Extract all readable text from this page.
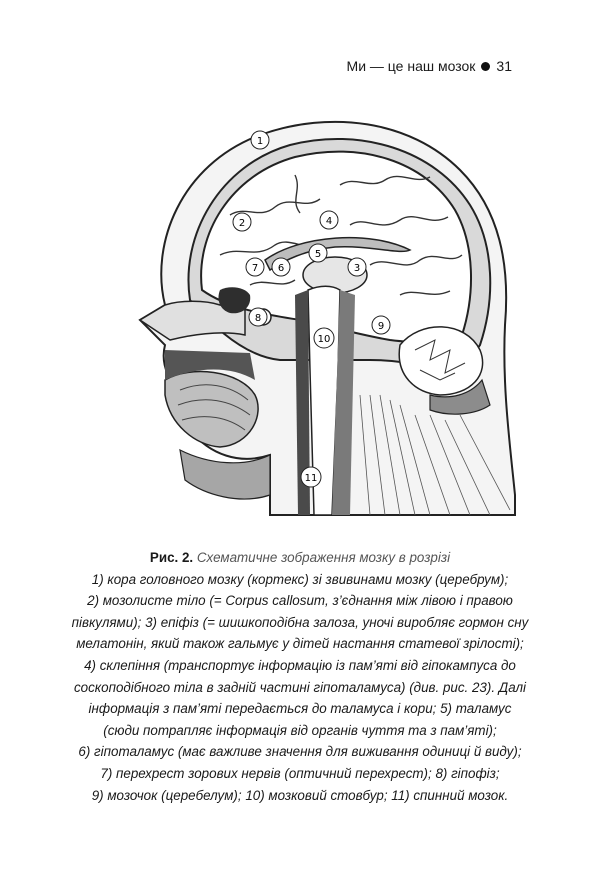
Ми — це наш мозок 31
1
2
3
4
5
6
7
8
9
10
11
Рис. 2. Схематичне зображення мозку в розрізі
1) кора головного мозку (кортекс) зі звивинами мозку (церебрум);
2) мозолисте тіло (= Corpus callosum, з’єднання між лівою і правою
півкулями); 3) епіфіз (= шишкоподібна залоза, уночі виробляє гормон сну
мелатонін, який також гальмує у дітей настання статевої зрілості);
4) склепіння (транспортує інформацію із пам’яті від гіпокампуса до
соскоподібного тіла в задній частині гіпоталамуса) (див. рис. 23). Далі
інформація з пам’яті передається до таламуса і кори; 5) таламус
(сюди потрапляє інформація від органів чуття та з пам’яті);
6) гіпоталамус (має важливе значення для виживання одиниці й виду);
7) перехрест зорових нервів (оптичний перехрест); 8) гіпофіз;
9) мозочок (церебелум); 10) мозковий стовбур; 11) спинний мозок.
